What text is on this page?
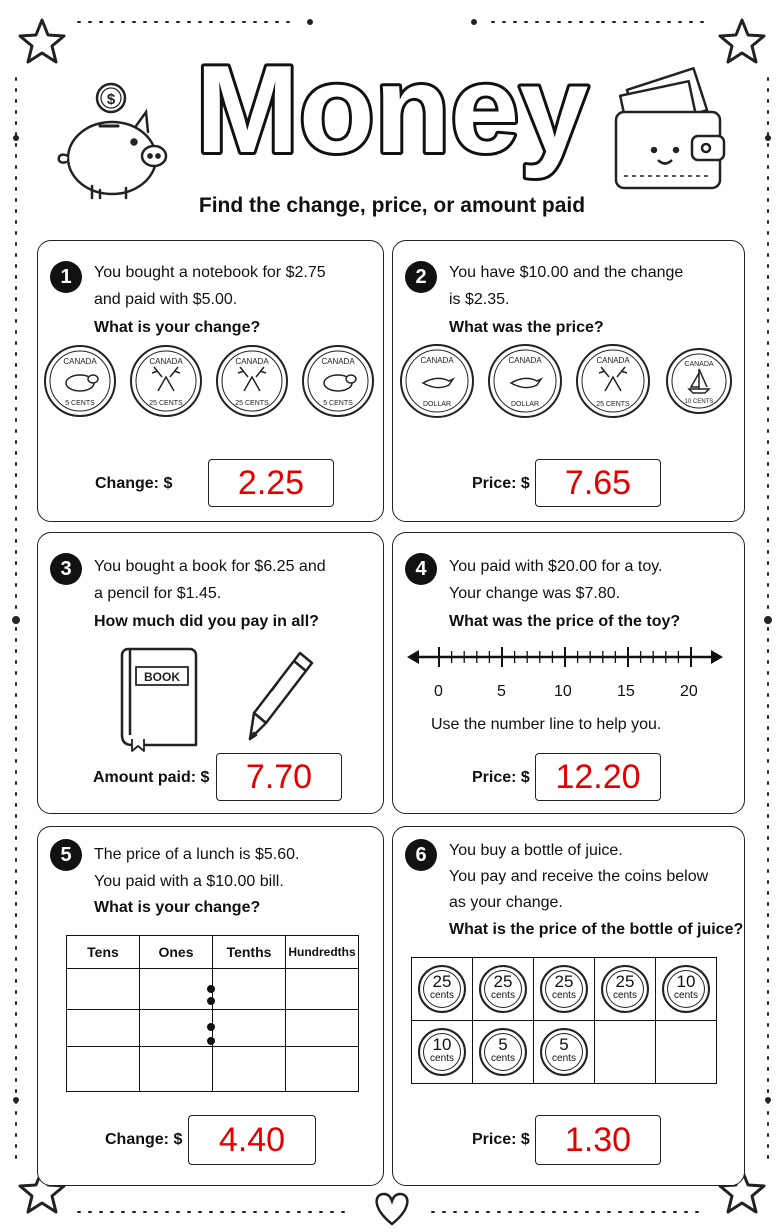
$ Money
Find the change, price, or amount paid
1	You bought a notebook for $2.75
and paid with $5.00.
What is your change?
CANADA
5 CENTS
CANADA
25 CENTS
CANADA
25 CENTS
CANADA
5 CENTS
Change: $	2.25
2	You have $10.00 and the change
is $2.35.
What was the price?
CANADA
DOLLAR
CANADA
DOLLAR
CANADA
25 CENTS
CANADA
10 CENTS
Price: $	7.65
3	You bought a book for $6.25 and
a pencil for $1.45.
How much did you pay in all?
BOOK
Amount paid: $	7.70
4	You paid with $20.00 for a toy.
Your change was $7.80.
What was the price of the toy?
0	5	10	15	20
Use the number line to help you.
Price: $ 12.20
5	The price of a lunch is $5.60.
You paid with a $10.00 bill.
What is your change?
Tens	Ones	Tenths	Hundredths

Change: $	4.40
6	You buy a bottle of juice.
You pay and receive the coins below
as your change.
What is the price of the bottle of juice?
25
cents	25
cents	25
cents	25
cents	10
cents

10
cents	5
cents	5
cents		

Price: $	1.30
